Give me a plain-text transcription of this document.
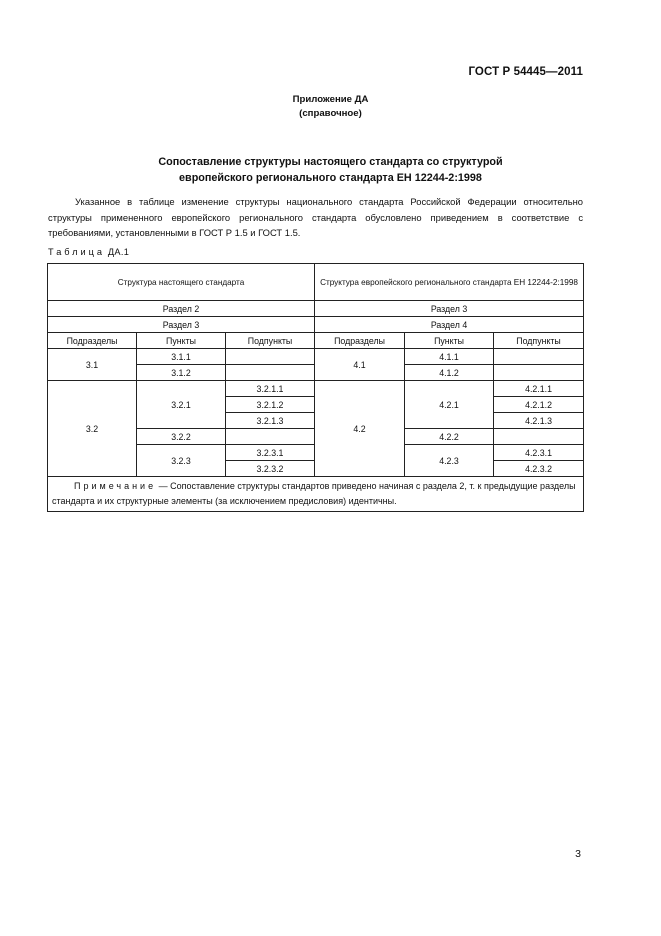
ГОСТ Р 54445—2011
Приложение ДА
(справочное)
Сопоставление структуры настоящего стандарта со структурой
европейского регионального стандарта ЕН 12244-2:1998

Указанное в таблице изменение структуры национального стандарта Российской Федерации относительно структуры примененного европейского регионального стандарта обусловлено приведением в соответствие с требованиями, установленными в ГОСТ Р 1.5 и ГОСТ 1.5.

Таблица ДА.1
Структура настоящего стандарта			Структура европейского регионального стандарта ЕН 12244-2:1998		
Раздел 2			Раздел 3		
Раздел 3			Раздел 4		
Подразделы	Пункты	Подпункты	Подразделы	Пункты	Подпункты
3.1	3.1.1		4.1	4.1.1	
	3.1.2			4.1.2	
3.2	3.2.1	3.2.1.1	4.2	4.2.1	4.2.1.1
		3.2.1.2			4.2.1.2
		3.2.1.3			4.2.1.3
	3.2.2			4.2.2	
	3.2.3	3.2.3.1		4.2.3	4.2.3.1
		3.2.3.2			4.2.3.2
Примечание — Сопоставление структуры стандартов приведено начиная с раздела 2, т. к предыдущие разделы стандарта и их структурные элементы (за исключением предисловия) идентичны.					
3
